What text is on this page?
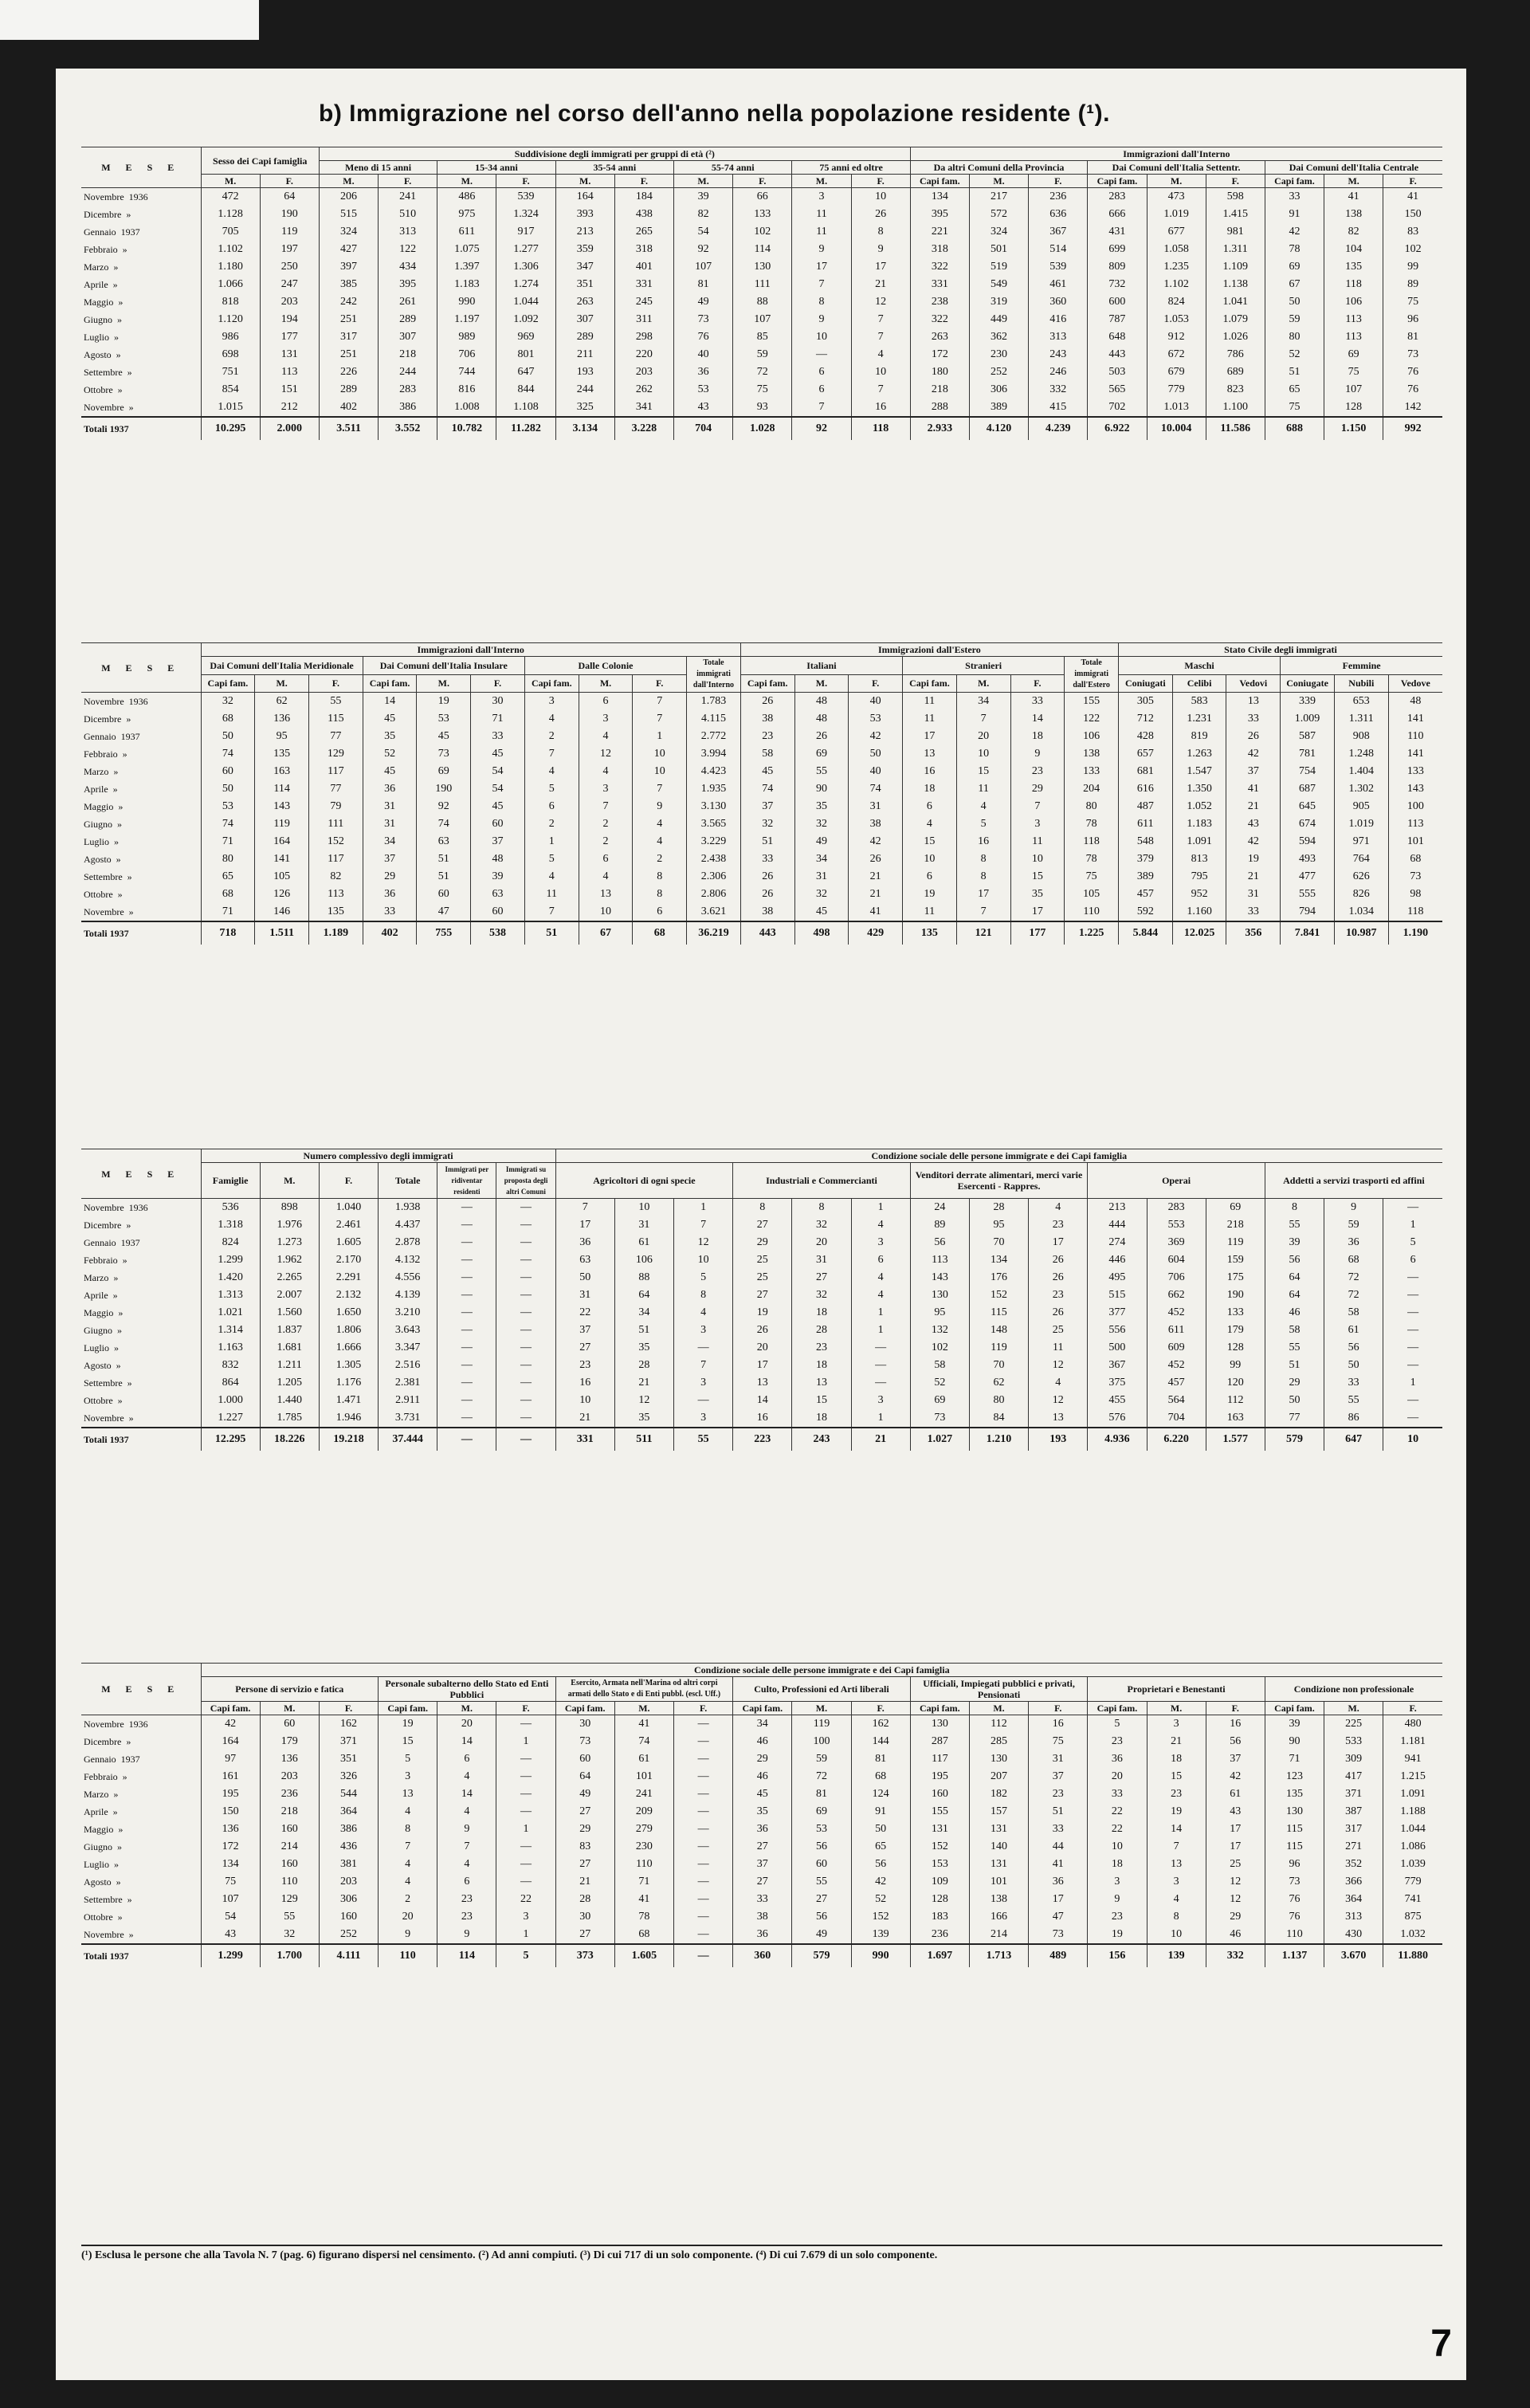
b) Immigrazione nel corso dell'anno nella popolazione residente (¹).
M E S E	Sesso dei Capi famiglia		Suddivisione degli immigrati per gruppi di età (²)										Immigrazioni dall'Interno								
			Meno di 15 anni		15-34 anni		35-54 anni		55-74 anni		75 anni ed oltre		Da altri Comuni della Provincia			Dai Comuni dell'Italia Settentr.			Dai Comuni dell'Italia Centrale		
	M.	F.	M.	F.	M.	F.	M.	F.	M.	F.	M.	F.	Capi fam.	M.	F.	Capi fam.	M.	F.	Capi fam.	M.	F.
Novembre 1936	472	64	206	241	486	539	164	184	39	66	3	10	134	217	236	283	473	598	33	41	41
Dicembre »	1.128	190	515	510	975	1.324	393	438	82	133	11	26	395	572	636	666	1.019	1.415	91	138	150
Gennaio 1937	705	119	324	313	611	917	213	265	54	102	11	8	221	324	367	431	677	981	42	82	83
Febbraio »	1.102	197	427	122	1.075	1.277	359	318	92	114	9	9	318	501	514	699	1.058	1.311	78	104	102
Marzo »	1.180	250	397	434	1.397	1.306	347	401	107	130	17	17	322	519	539	809	1.235	1.109	69	135	99
Aprile »	1.066	247	385	395	1.183	1.274	351	331	81	111	7	21	331	549	461	732	1.102	1.138	67	118	89
Maggio »	818	203	242	261	990	1.044	263	245	49	88	8	12	238	319	360	600	824	1.041	50	106	75
Giugno »	1.120	194	251	289	1.197	1.092	307	311	73	107	9	7	322	449	416	787	1.053	1.079	59	113	96
Luglio »	986	177	317	307	989	969	289	298	76	85	10	7	263	362	313	648	912	1.026	80	113	81
Agosto »	698	131	251	218	706	801	211	220	40	59	—	4	172	230	243	443	672	786	52	69	73
Settembre »	751	113	226	244	744	647	193	203	36	72	6	10	180	252	246	503	679	689	51	75	76
Ottobre »	854	151	289	283	816	844	244	262	53	75	6	7	218	306	332	565	779	823	65	107	76
Novembre »	1.015	212	402	386	1.008	1.108	325	341	43	93	7	16	288	389	415	702	1.013	1.100	75	128	142
Totali 1937	10.295	2.000	3.511	3.552	10.782	11.282	3.134	3.228	704	1.028	92	118	2.933	4.120	4.239	6.922	10.004	11.586	688	1.150	992
M E S E	Immigrazioni dall'Interno										Immigrazioni dall'Estero							Stato Civile degli immigrati					
	Dai Comuni dell'Italia Meridionale			Dai Comuni dell'Italia Insulare			Dalle Colonie			Totale immigrati dall'Interno	Italiani			Stranieri			Totale immigrati dall'Estero	Maschi			Femmine		
	Capi fam.	M.	F.	Capi fam.	M.	F.	Capi fam.	M.	F.		Capi fam.	M.	F.	Capi fam.	M.	F.		Coniugati	Celibi	Vedovi	Coniugate	Nubili	Vedove
Novembre 1936	32	62	55	14	19	30	3	6	7	1.783	26	48	40	11	34	33	155	305	583	13	339	653	48
Dicembre »	68	136	115	45	53	71	4	3	7	4.115	38	48	53	11	7	14	122	712	1.231	33	1.009	1.311	141
Gennaio 1937	50	95	77	35	45	33	2	4	1	2.772	23	26	42	17	20	18	106	428	819	26	587	908	110
Febbraio »	74	135	129	52	73	45	7	12	10	3.994	58	69	50	13	10	9	138	657	1.263	42	781	1.248	141
Marzo »	60	163	117	45	69	54	4	4	10	4.423	45	55	40	16	15	23	133	681	1.547	37	754	1.404	133
Aprile »	50	114	77	36	190	54	5	3	7	1.935	74	90	74	18	11	29	204	616	1.350	41	687	1.302	143
Maggio »	53	143	79	31	92	45	6	7	9	3.130	37	35	31	6	4	7	80	487	1.052	21	645	905	100
Giugno »	74	119	111	31	74	60	2	2	4	3.565	32	32	38	4	5	3	78	611	1.183	43	674	1.019	113
Luglio »	71	164	152	34	63	37	1	2	4	3.229	51	49	42	15	16	11	118	548	1.091	42	594	971	101
Agosto »	80	141	117	37	51	48	5	6	2	2.438	33	34	26	10	8	10	78	379	813	19	493	764	68
Settembre »	65	105	82	29	51	39	4	4	8	2.306	26	31	21	6	8	15	75	389	795	21	477	626	73
Ottobre »	68	126	113	36	60	63	11	13	8	2.806	26	32	21	19	17	35	105	457	952	31	555	826	98
Novembre »	71	146	135	33	47	60	7	10	6	3.621	38	45	41	11	7	17	110	592	1.160	33	794	1.034	118
Totali 1937	718	1.511	1.189	402	755	538	51	67	68	36.219	443	498	429	135	121	177	1.225	5.844	12.025	356	7.841	10.987	1.190
M E S E	Numero complessivo degli immigrati						Condizione sociale delle persone immigrate e dei Capi famiglia														
	Famiglie	M.	F.	Totale	Immigrati per ridiventar residenti	Immigrati su proposta degli altri Comuni	Agricoltori di ogni specie			Industriali e Commercianti			Venditori derrate alimentari, merci varie Esercenti - Rappres.			Operai			Addetti a servizi trasporti ed affini		
Novembre 1936	536	898	1.040	1.938	—	—	7	10	1	8	8	1	24	28	4	213	283	69	8	9	—
Dicembre »	1.318	1.976	2.461	4.437	—	—	17	31	7	27	32	4	89	95	23	444	553	218	55	59	1
Gennaio 1937	824	1.273	1.605	2.878	—	—	36	61	12	29	20	3	56	70	17	274	369	119	39	36	5
Febbraio »	1.299	1.962	2.170	4.132	—	—	63	106	10	25	31	6	113	134	26	446	604	159	56	68	6
Marzo »	1.420	2.265	2.291	4.556	—	—	50	88	5	25	27	4	143	176	26	495	706	175	64	72	—
Aprile »	1.313	2.007	2.132	4.139	—	—	31	64	8	27	32	4	130	152	23	515	662	190	64	72	—
Maggio »	1.021	1.560	1.650	3.210	—	—	22	34	4	19	18	1	95	115	26	377	452	133	46	58	—
Giugno »	1.314	1.837	1.806	3.643	—	—	37	51	3	26	28	1	132	148	25	556	611	179	58	61	—
Luglio »	1.163	1.681	1.666	3.347	—	—	27	35	—	20	23	—	102	119	11	500	609	128	55	56	—
Agosto »	832	1.211	1.305	2.516	—	—	23	28	7	17	18	—	58	70	12	367	452	99	51	50	—
Settembre »	864	1.205	1.176	2.381	—	—	16	21	3	13	13	—	52	62	4	375	457	120	29	33	1
Ottobre »	1.000	1.440	1.471	2.911	—	—	10	12	—	14	15	3	69	80	12	455	564	112	50	55	—
Novembre »	1.227	1.785	1.946	3.731	—	—	21	35	3	16	18	1	73	84	13	576	704	163	77	86	—
Totali 1937	12.295	18.226	19.218	37.444	—	—	331	511	55	223	243	21	1.027	1.210	193	4.936	6.220	1.577	579	647	10
M E S E	Condizione sociale delle persone immigrate e dei Capi famiglia																				
	Persone di servizio e fatica			Personale subalterno dello Stato ed Enti Pubblici			Esercito, Armata nell'Marina od altri corpi armati dello Stato e di Enti pubbl. (escl. Uff.)			Culto, Professioni ed Arti liberali			Ufficiali, Impiegati pubblici e privati, Pensionati			Proprietari e Benestanti			Condizione non professionale		
	Capi fam.	M.	F.	Capi fam.	M.	F.	Capi fam.	M.	F.	Capi fam.	M.	F.	Capi fam.	M.	F.	Capi fam.	M.	F.	Capi fam.	M.	F.
Novembre 1936	42	60	162	19	20	—	30	41	—	34	119	162	130	112	16	5	3	16	39	225	480
Dicembre »	164	179	371	15	14	1	73	74	—	46	100	144	287	285	75	23	21	56	90	533	1.181
Gennaio 1937	97	136	351	5	6	—	60	61	—	29	59	81	117	130	31	36	18	37	71	309	941
Febbraio »	161	203	326	3	4	—	64	101	—	46	72	68	195	207	37	20	15	42	123	417	1.215
Marzo »	195	236	544	13	14	—	49	241	—	45	81	124	160	182	23	33	23	61	135	371	1.091
Aprile »	150	218	364	4	4	—	27	209	—	35	69	91	155	157	51	22	19	43	130	387	1.188
Maggio »	136	160	386	8	9	1	29	279	—	36	53	50	131	131	33	22	14	17	115	317	1.044
Giugno »	172	214	436	7	7	—	83	230	—	27	56	65	152	140	44	10	7	17	115	271	1.086
Luglio »	134	160	381	4	4	—	27	110	—	37	60	56	153	131	41	18	13	25	96	352	1.039
Agosto »	75	110	203	4	6	—	21	71	—	27	55	42	109	101	36	3	3	12	73	366	779
Settembre »	107	129	306	2	23	22	28	41	—	33	27	52	128	138	17	9	4	12	76	364	741
Ottobre »	54	55	160	20	23	3	30	78	—	38	56	152	183	166	47	23	8	29	76	313	875
Novembre »	43	32	252	9	9	1	27	68	—	36	49	139	236	214	73	19	10	46	110	430	1.032
Totali 1937	1.299	1.700	4.111	110	114	5	373	1.605	—	360	579	990	1.697	1.713	489	156	139	332	1.137	3.670	11.880
(¹) Esclusa le persone che alla Tavola N. 7 (pag. 6) figurano dispersi nel censimento. (²) Ad anni compiuti. (³) Di cui 717 di un solo componente. (⁴) Di cui 7.679 di un solo componente.
7
